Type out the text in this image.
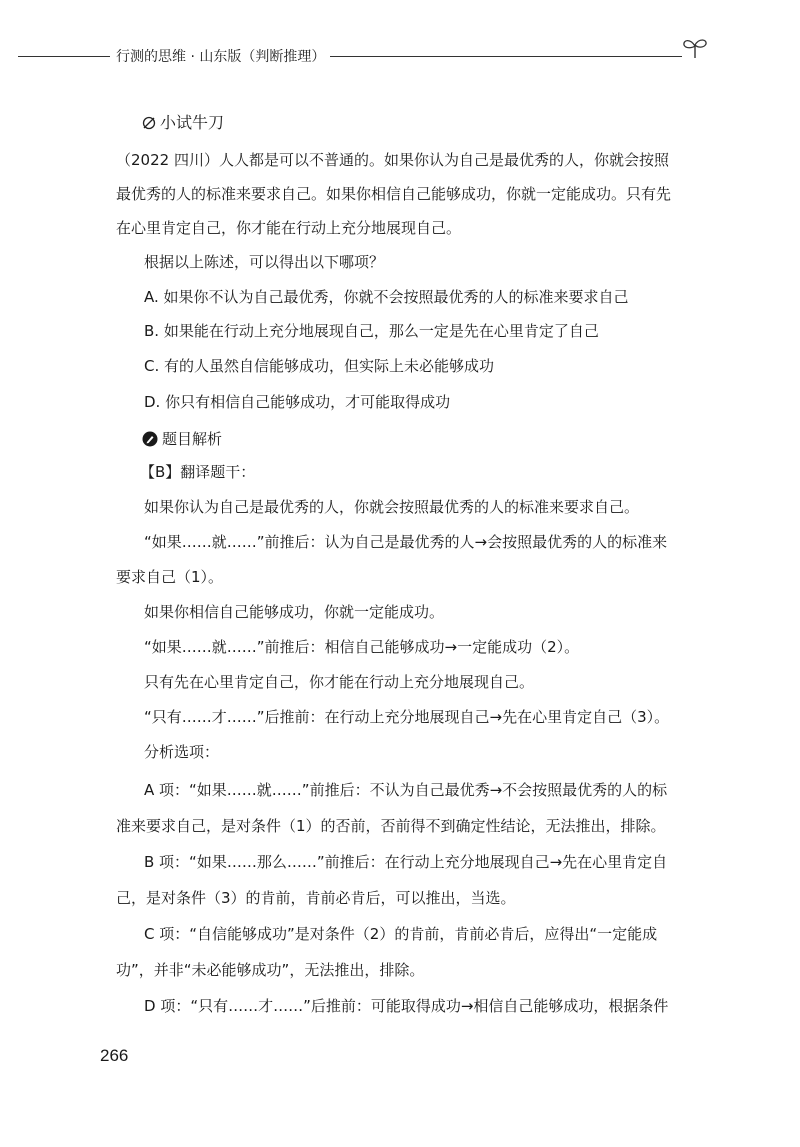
行测的思维 · 山东版（判断推理）
小试牛刀
（2022 四川）人人都是可以不普通的。如果你认为自己是最优秀的人，你就会按照
最优秀的人的标准来要求自己。如果你相信自己能够成功，你就一定能成功。只有先
在心里肯定自己，你才能在行动上充分地展现自己。
根据以上陈述，可以得出以下哪项？
A. 如果你不认为自己最优秀，你就不会按照最优秀的人的标准来要求自己
B. 如果能在行动上充分地展现自己，那么一定是先在心里肯定了自己
C. 有的人虽然自信能够成功，但实际上未必能够成功
D. 你只有相信自己能够成功，才可能取得成功
题目解析
【B】翻译题干：
如果你认为自己是最优秀的人，你就会按照最优秀的人的标准来要求自己。
“如果……就……”前推后：认为自己是最优秀的人→会按照最优秀的人的标准来
要求自己（1）。
如果你相信自己能够成功，你就一定能成功。
“如果……就……”前推后：相信自己能够成功→一定能成功（2）。
只有先在心里肯定自己，你才能在行动上充分地展现自己。
“只有……才……”后推前：在行动上充分地展现自己→先在心里肯定自己（3）。
分析选项：
A 项：“如果……就……”前推后：不认为自己最优秀→不会按照最优秀的人的标
准来要求自己，是对条件（1）的否前，否前得不到确定性结论，无法推出，排除。
B 项：“如果……那么……”前推后：在行动上充分地展现自己→先在心里肯定自
己，是对条件（3）的肯前，肯前必肯后，可以推出，当选。
C 项：“自信能够成功”是对条件（2）的肯前，肯前必肯后，应得出“一定能成
功”，并非“未必能够成功”，无法推出，排除。
D 项：“只有……才……”后推前：可能取得成功→相信自己能够成功，根据条件
266
